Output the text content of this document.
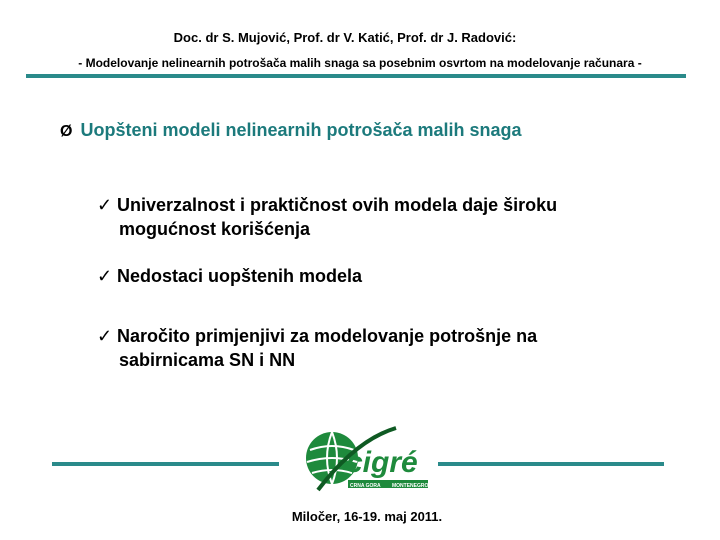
Doc. dr S. Mujović, Prof. dr V. Katić, Prof. dr J. Radović:
- Modelovanje nelinearnih potrošača malih snaga sa posebnim osvrtom na modelovanje računara -
Ø Uopšteni modeli nelinearnih potrošača malih snaga
✓ Univerzalnost i praktičnost ovih modela daje široku
mogućnost korišćenja
✓ Nedostaci uopštenih modela
✓ Naročito primjenjivi za modelovanje potrošnje na
sabirnicama SN i NN
cigré
CRNA GORA MONTENEGRO
Miločer, 16-19. maj 2011.
